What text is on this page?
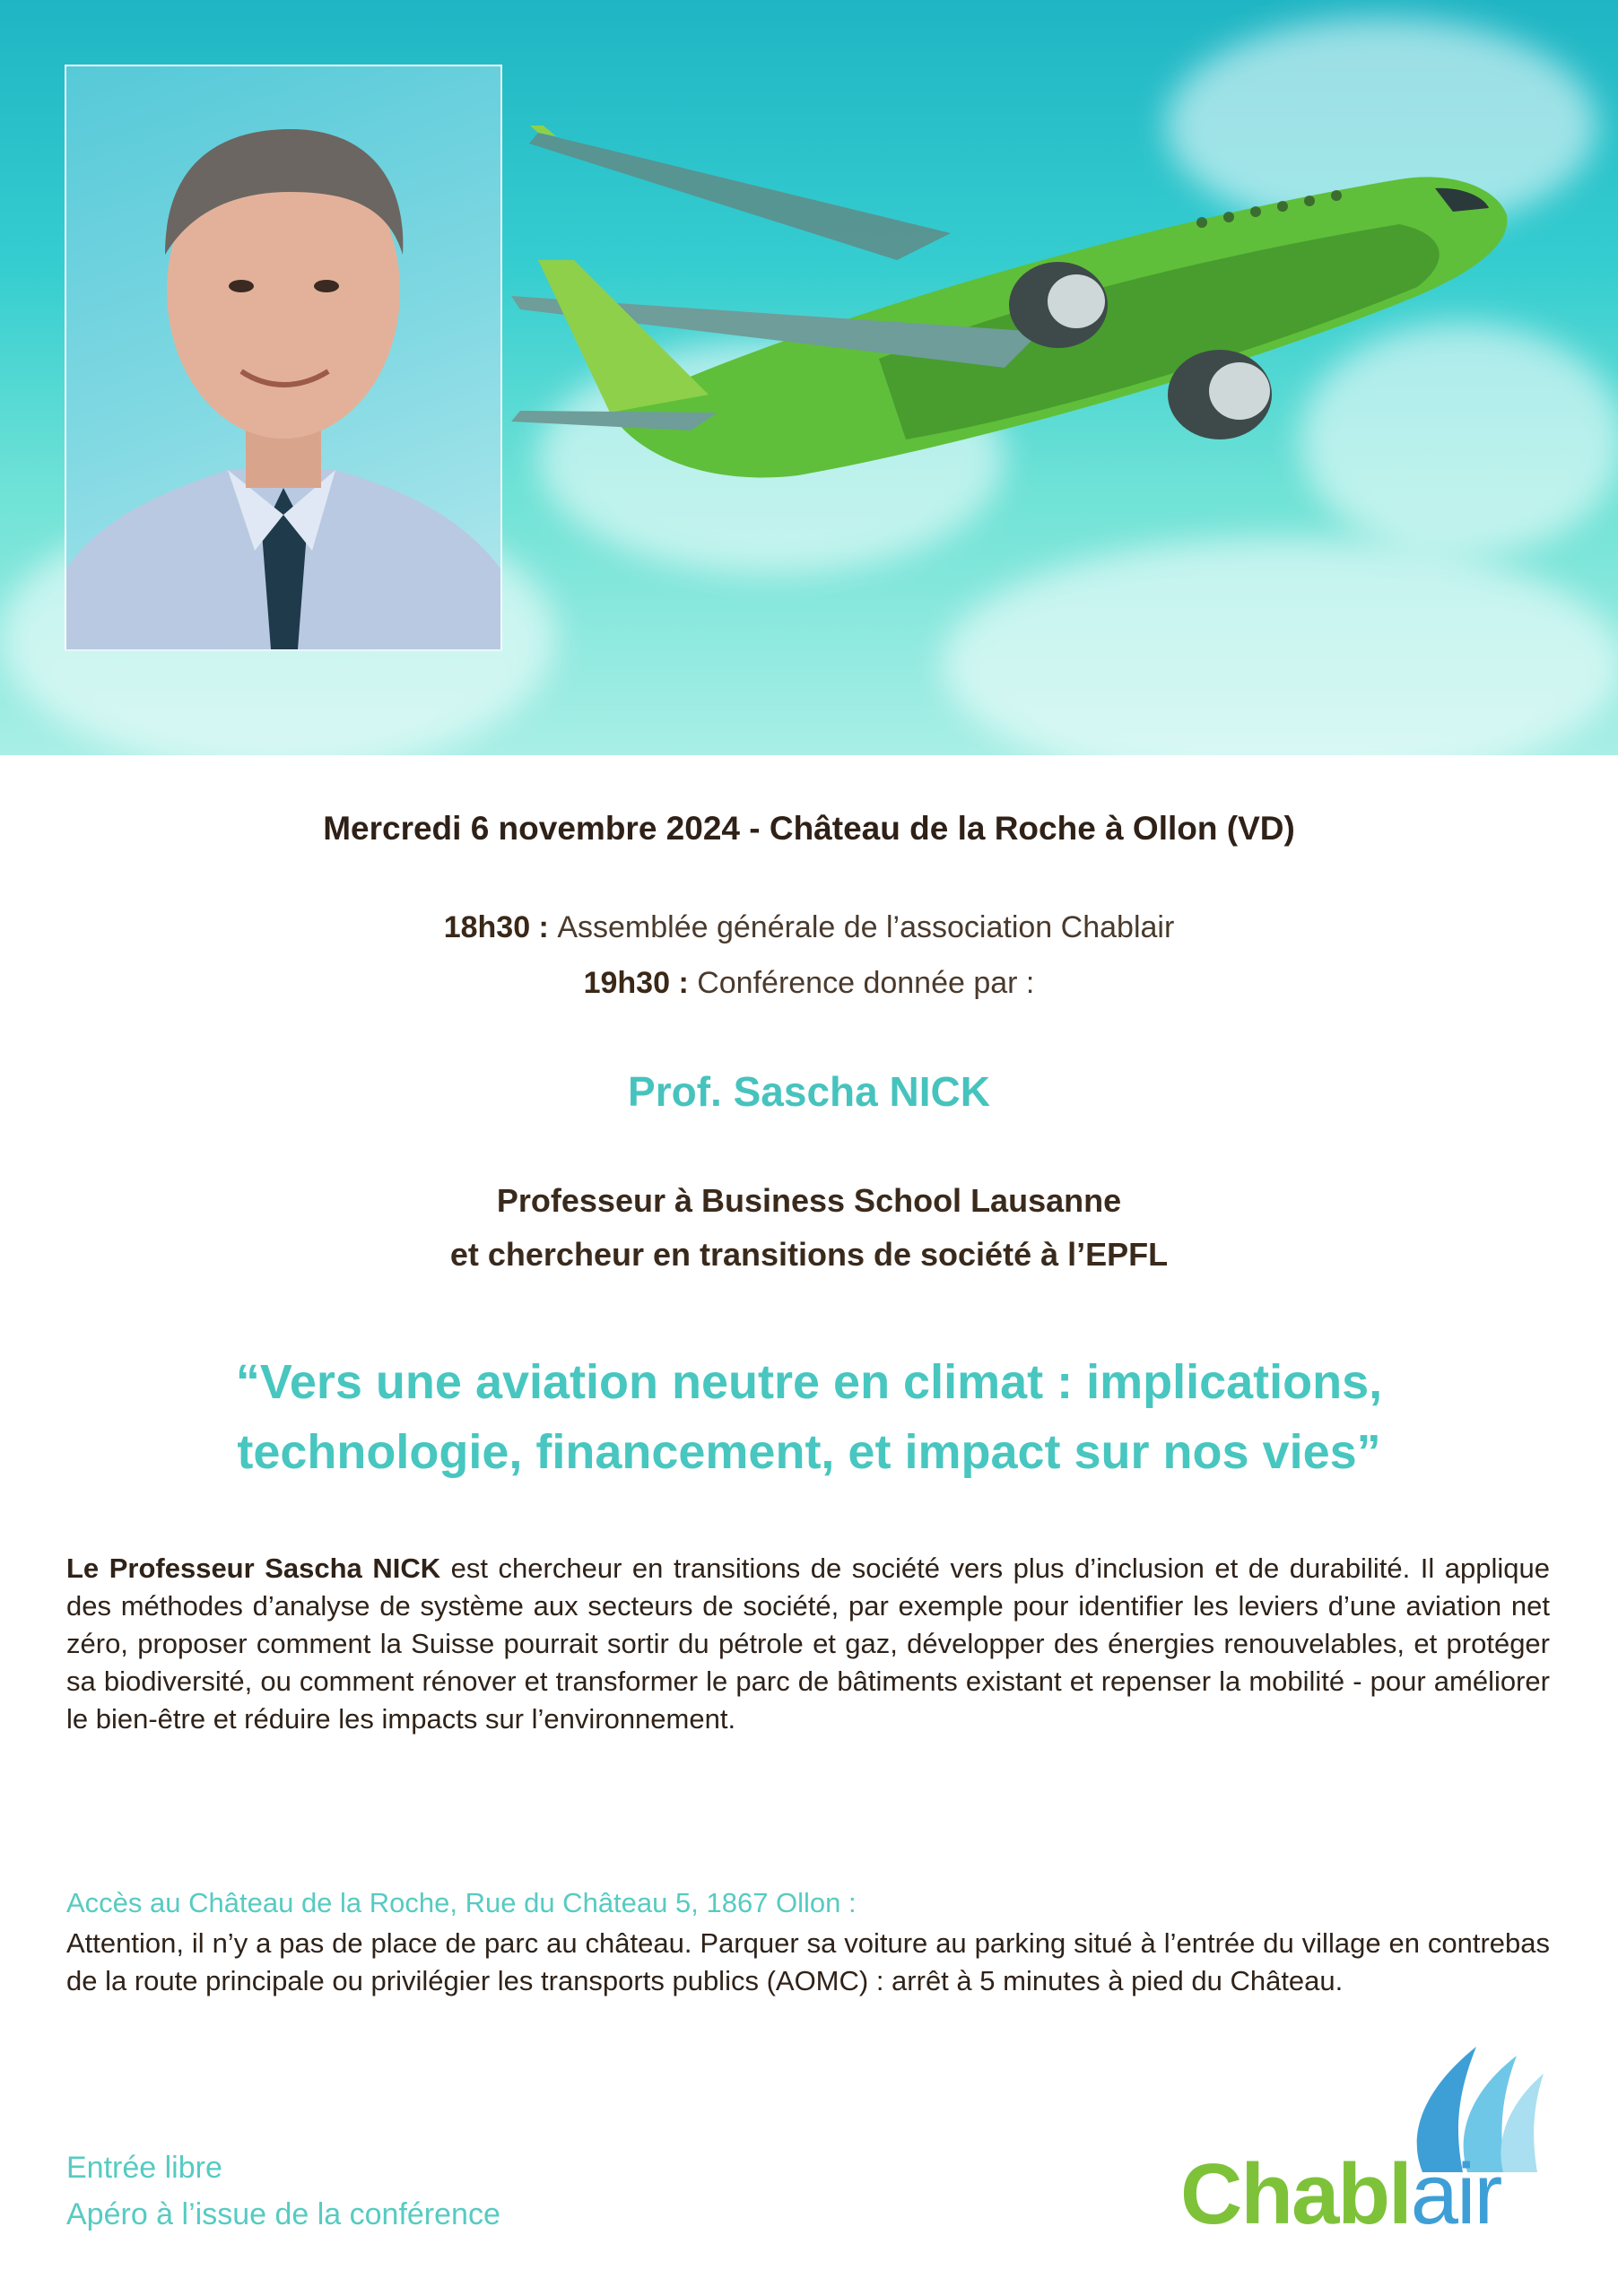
Mercredi 6 novembre 2024 - Château de la Roche à Ollon (VD)
18h30 : Assemblée générale de l’association Chablair
19h30 : Conférence donnée par :
Prof. Sascha NICK
Professeur à Business School Lausanne
et chercheur en transitions de société à l’EPFL
“Vers une aviation neutre en climat : implications,
technologie, financement, et impact sur nos vies”
Le Professeur Sascha NICK est chercheur en transitions de société vers plus d’inclusion et de durabilité. Il applique des méthodes d’analyse de système aux secteurs de société, par exemple pour identifier les leviers d’une aviation net zéro, proposer comment la Suisse pourrait sortir du pétrole et gaz, développer des énergies renouvelables, et protéger sa biodiversité, ou comment rénover et transformer le parc de bâtiments existant et repenser la mobilité - pour améliorer le bien-être et réduire les impacts sur l’environnement.
Accès au Château de la Roche, Rue du Château 5, 1867 Ollon :
Attention, il n’y a pas de place de parc au château. Parquer sa voiture au parking situé à l’entrée du village en contrebas de la route principale ou privilégier les transports publics (AOMC) : arrêt à 5 minutes à pied du Château.
Entrée libre
Apéro à l’issue de la conférence	Chablair
